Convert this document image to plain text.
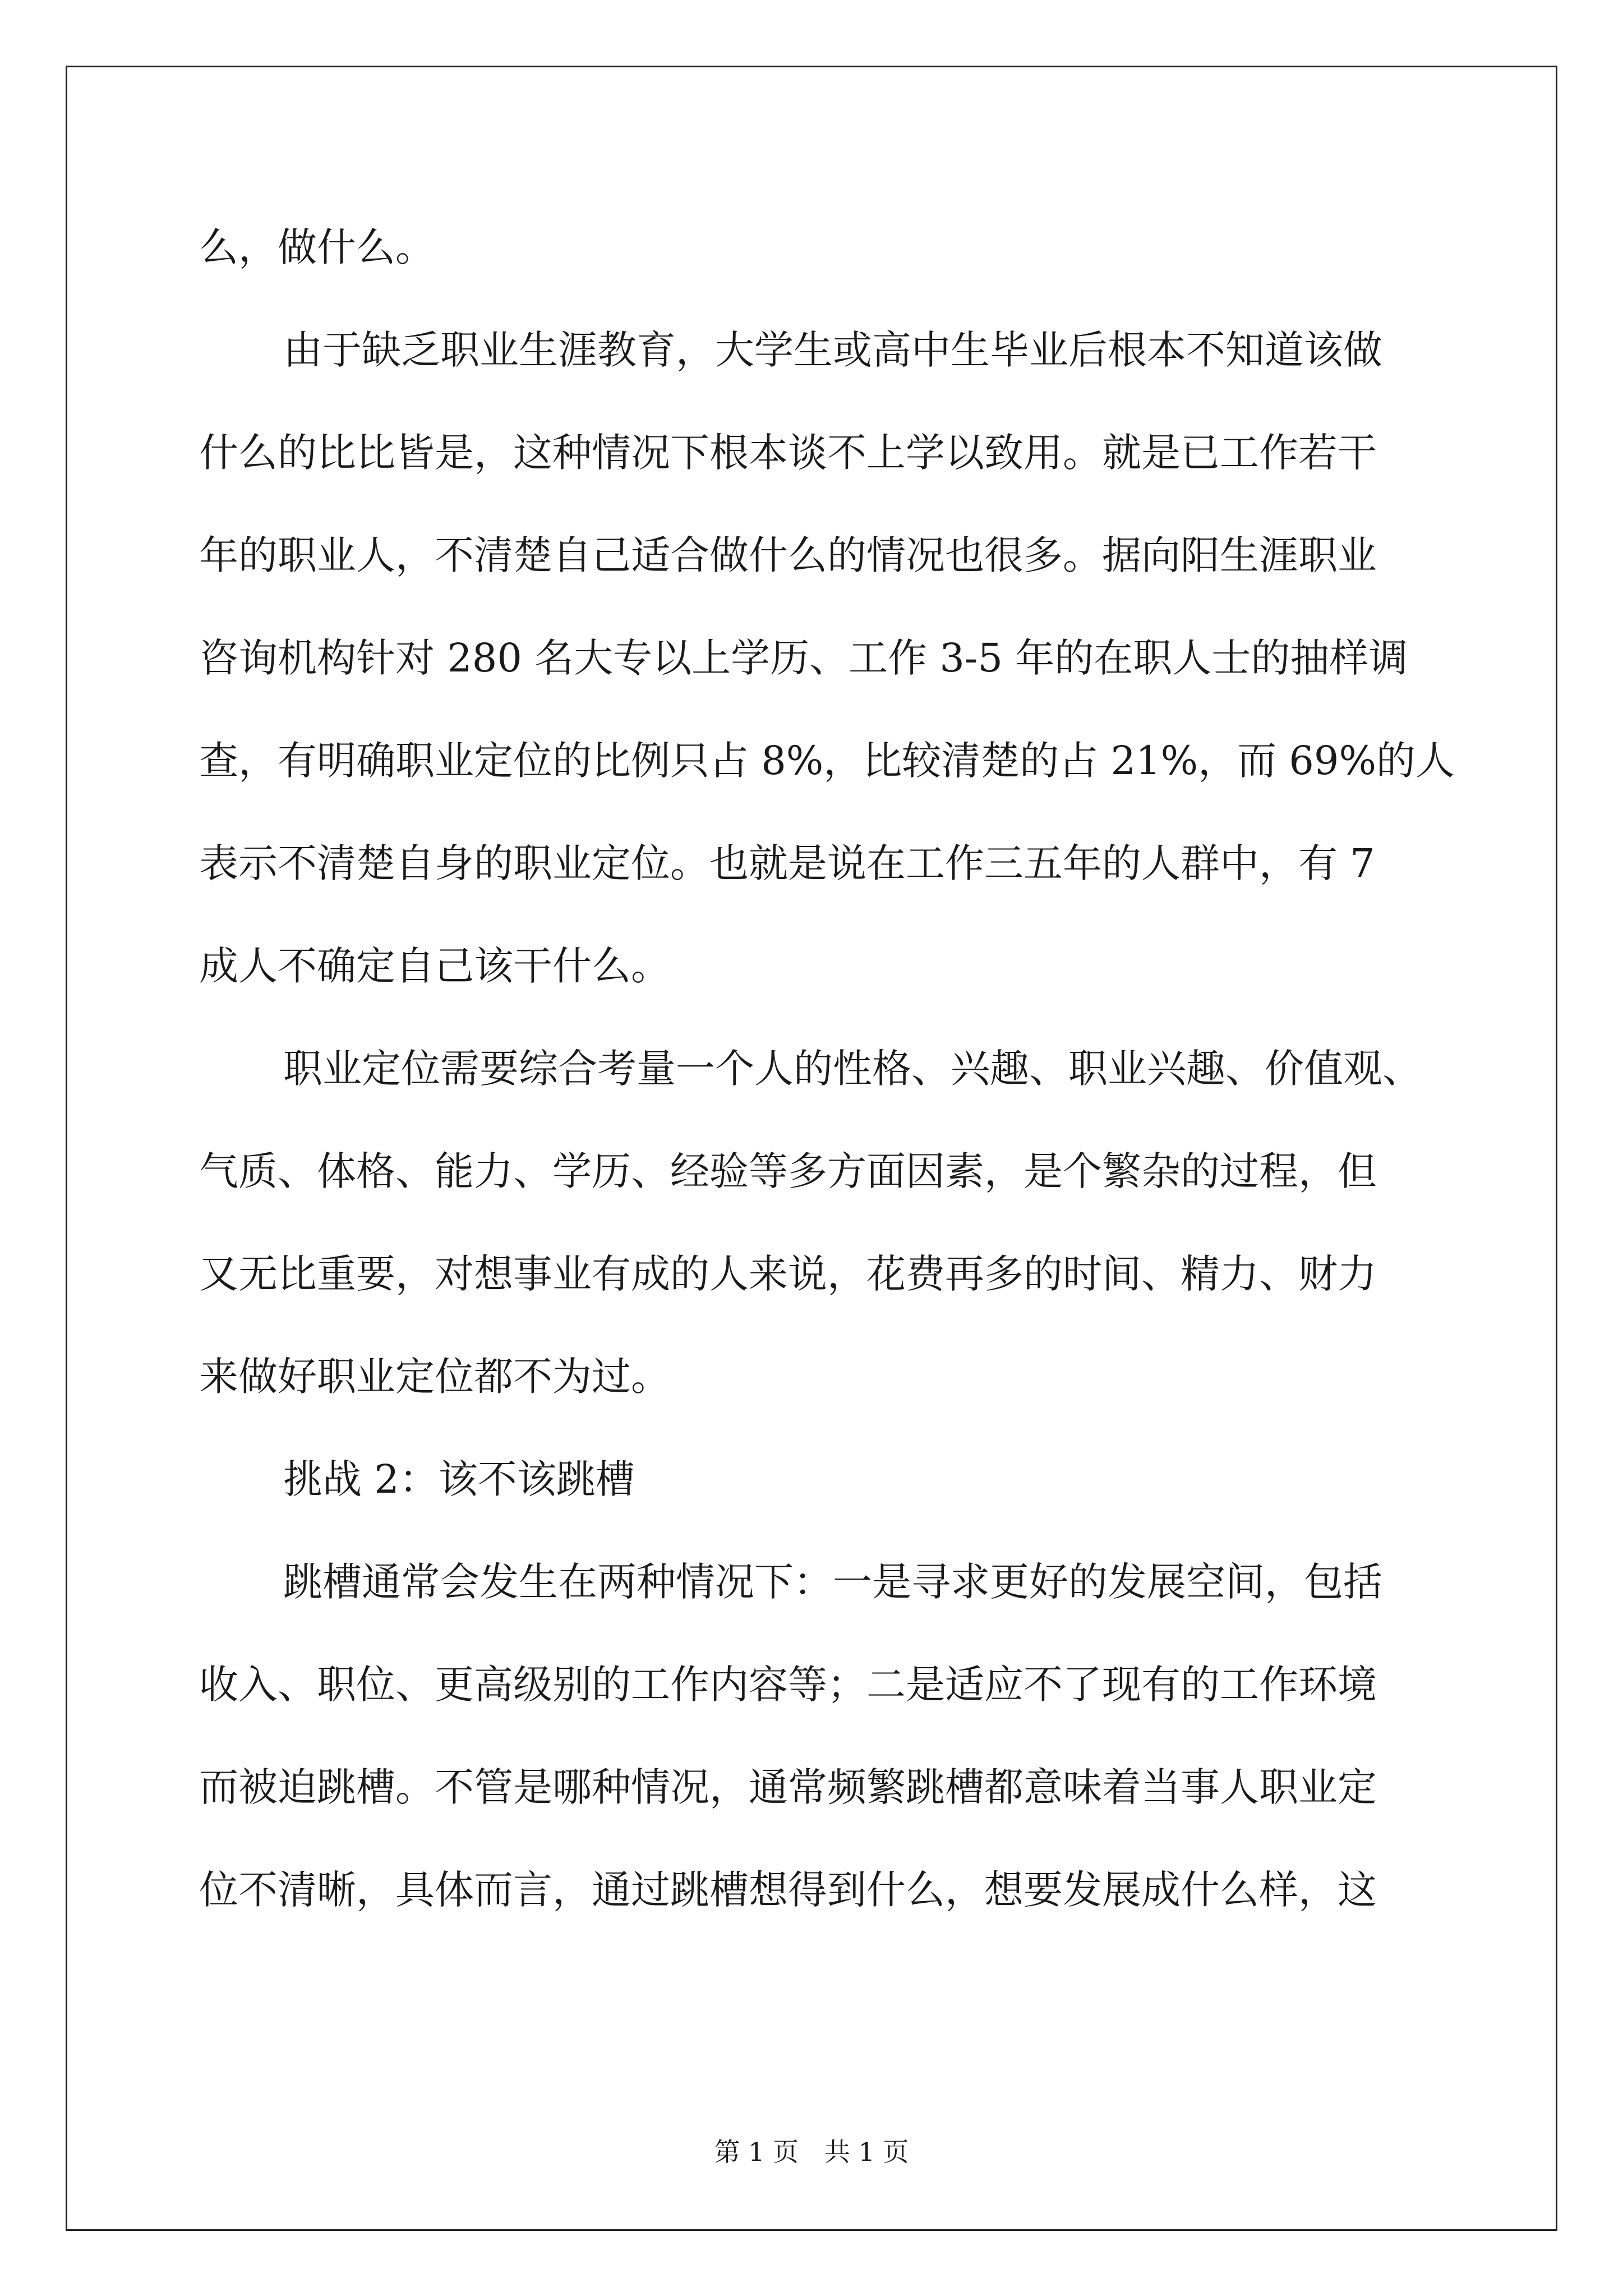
么，做什么。
由于缺乏职业生涯教育，大学生或高中生毕业后根本不知道该做
什么的比比皆是，这种情况下根本谈不上学以致用。就是已工作若干
年的职业人，不清楚自己适合做什么的情况也很多。据向阳生涯职业
咨询机构针对 280 名大专以上学历、工作 3-5 年的在职人士的抽样调
查，有明确职业定位的比例只占 8%，比较清楚的占 21%，而 69%的人
表示不清楚自身的职业定位。也就是说在工作三五年的人群中，有 7
成人不确定自己该干什么。
职业定位需要综合考量一个人的性格、兴趣、职业兴趣、价值观、
气质、体格、能力、学历、经验等多方面因素，是个繁杂的过程，但
又无比重要，对想事业有成的人来说，花费再多的时间、精力、财力
来做好职业定位都不为过。
挑战 2：该不该跳槽
跳槽通常会发生在两种情况下：一是寻求更好的发展空间，包括
收入、职位、更高级别的工作内容等；二是适应不了现有的工作环境
而被迫跳槽。不管是哪种情况，通常频繁跳槽都意味着当事人职业定
位不清晰，具体而言，通过跳槽想得到什么，想要发展成什么样，这
第 1 页　共 1 页
